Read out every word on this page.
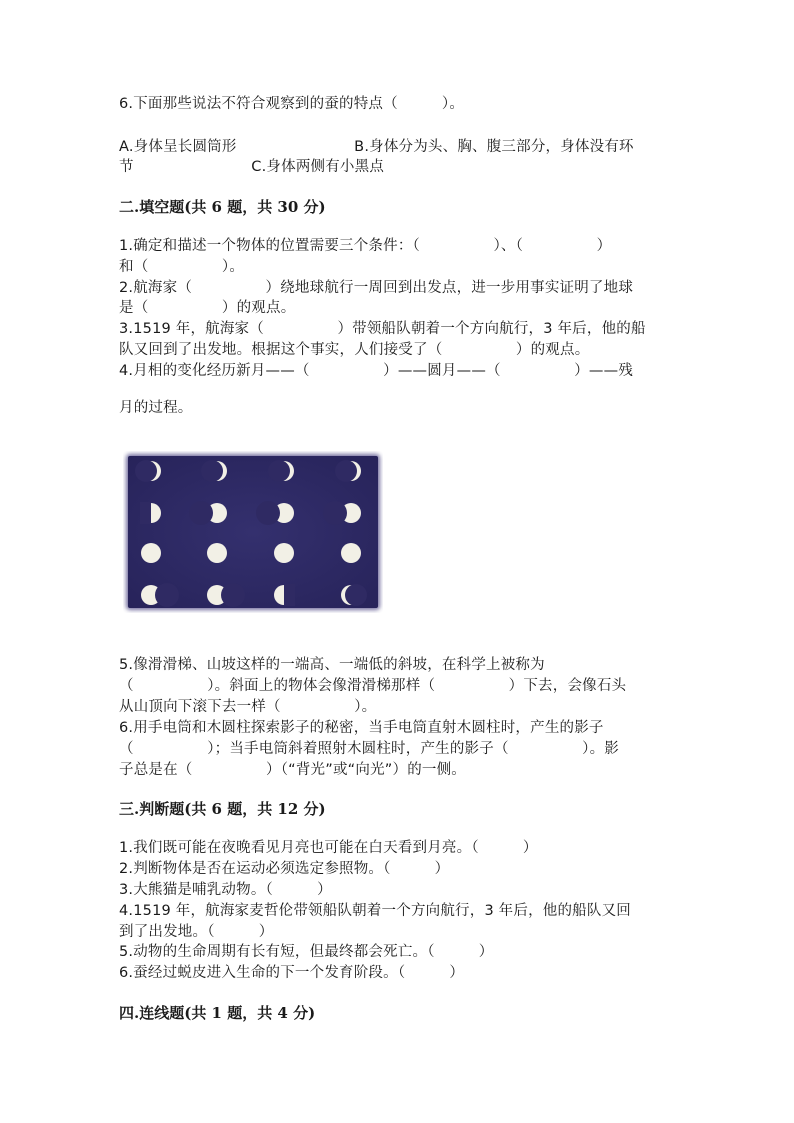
6.下面那些说法不符合观察到的蚕的特点（　　　）。
A.身体呈长圆筒形　　　　　　　　B.身体分为头、胸、腹三部分，身体没有环
节　　　　　　　　C.身体两侧有小黑点
二.填空题(共 6 题，共 30 分)
1.确定和描述一个物体的位置需要三个条件：（　　　　　）、（　　　　　）
和（　　　　　）。
2.航海家（　　　　　）绕地球航行一周回到出发点，进一步用事实证明了地球
是（　　　　　）的观点。
3.1519 年，航海家（　　　　　）带领船队朝着一个方向航行，3 年后，他的船
队又回到了出发地。根据这个事实，人们接受了（　　　　　）的观点。
4.月相的变化经历新月——（　　　　　）——圆月——（　　　　　）——残
月的过程。
5.像滑滑梯、山坡这样的一端高、一端低的斜坡，在科学上被称为
（　　　　　）。斜面上的物体会像滑滑梯那样（　　　　　）下去，会像石头
从山顶向下滚下去一样（　　　　　）。
6.用手电筒和木圆柱探索影子的秘密，当手电筒直射木圆柱时，产生的影子
（　　　　　）；当手电筒斜着照射木圆柱时，产生的影子（　　　　　）。影
子总是在（　　　　　）（“背光”或“向光”）的一侧。
三.判断题(共 6 题，共 12 分)
1.我们既可能在夜晚看见月亮也可能在白天看到月亮。（　　　）
2.判断物体是否在运动必须选定参照物。（　　　）
3.大熊猫是哺乳动物。（　　　）
4.1519 年，航海家麦哲伦带领船队朝着一个方向航行，3 年后，他的船队又回
到了出发地。（　　　）
5.动物的生命周期有长有短，但最终都会死亡。（　　　）
6.蚕经过蜕皮进入生命的下一个发育阶段。（　　　）
四.连线题(共 1 题，共 4 分)
